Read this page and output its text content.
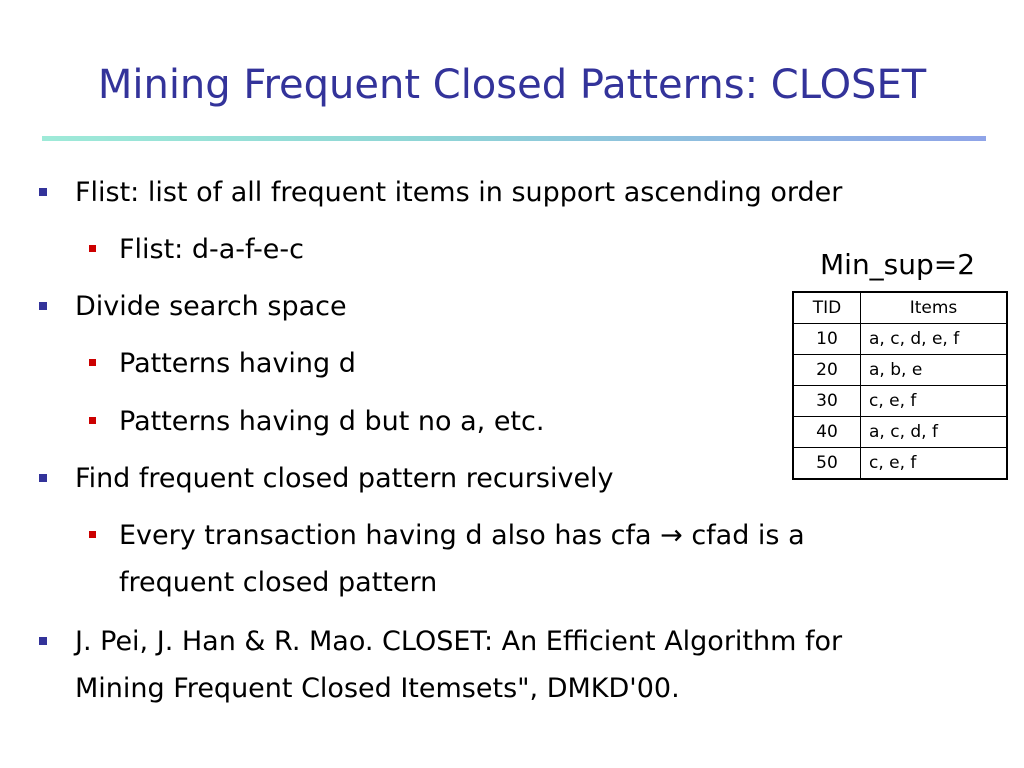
Mining Frequent Closed Patterns: CLOSET
Flist: list of all frequent items in support ascending order
Flist: d-a-f-e-c
Divide search space
Patterns having d
Patterns having d but no a, etc.
Find frequent closed pattern recursively
Every transaction having d also has cfa → cfad is a
frequent closed pattern
J. Pei, J. Han & R. Mao. CLOSET: An Efficient Algorithm for
Mining Frequent Closed Itemsets", DMKD'00.
Min_sup=2
TID	Items
10	a, c, d, e, f
20	a, b, e
30	c, e, f
40	a, c, d, f
50	c, e, f
